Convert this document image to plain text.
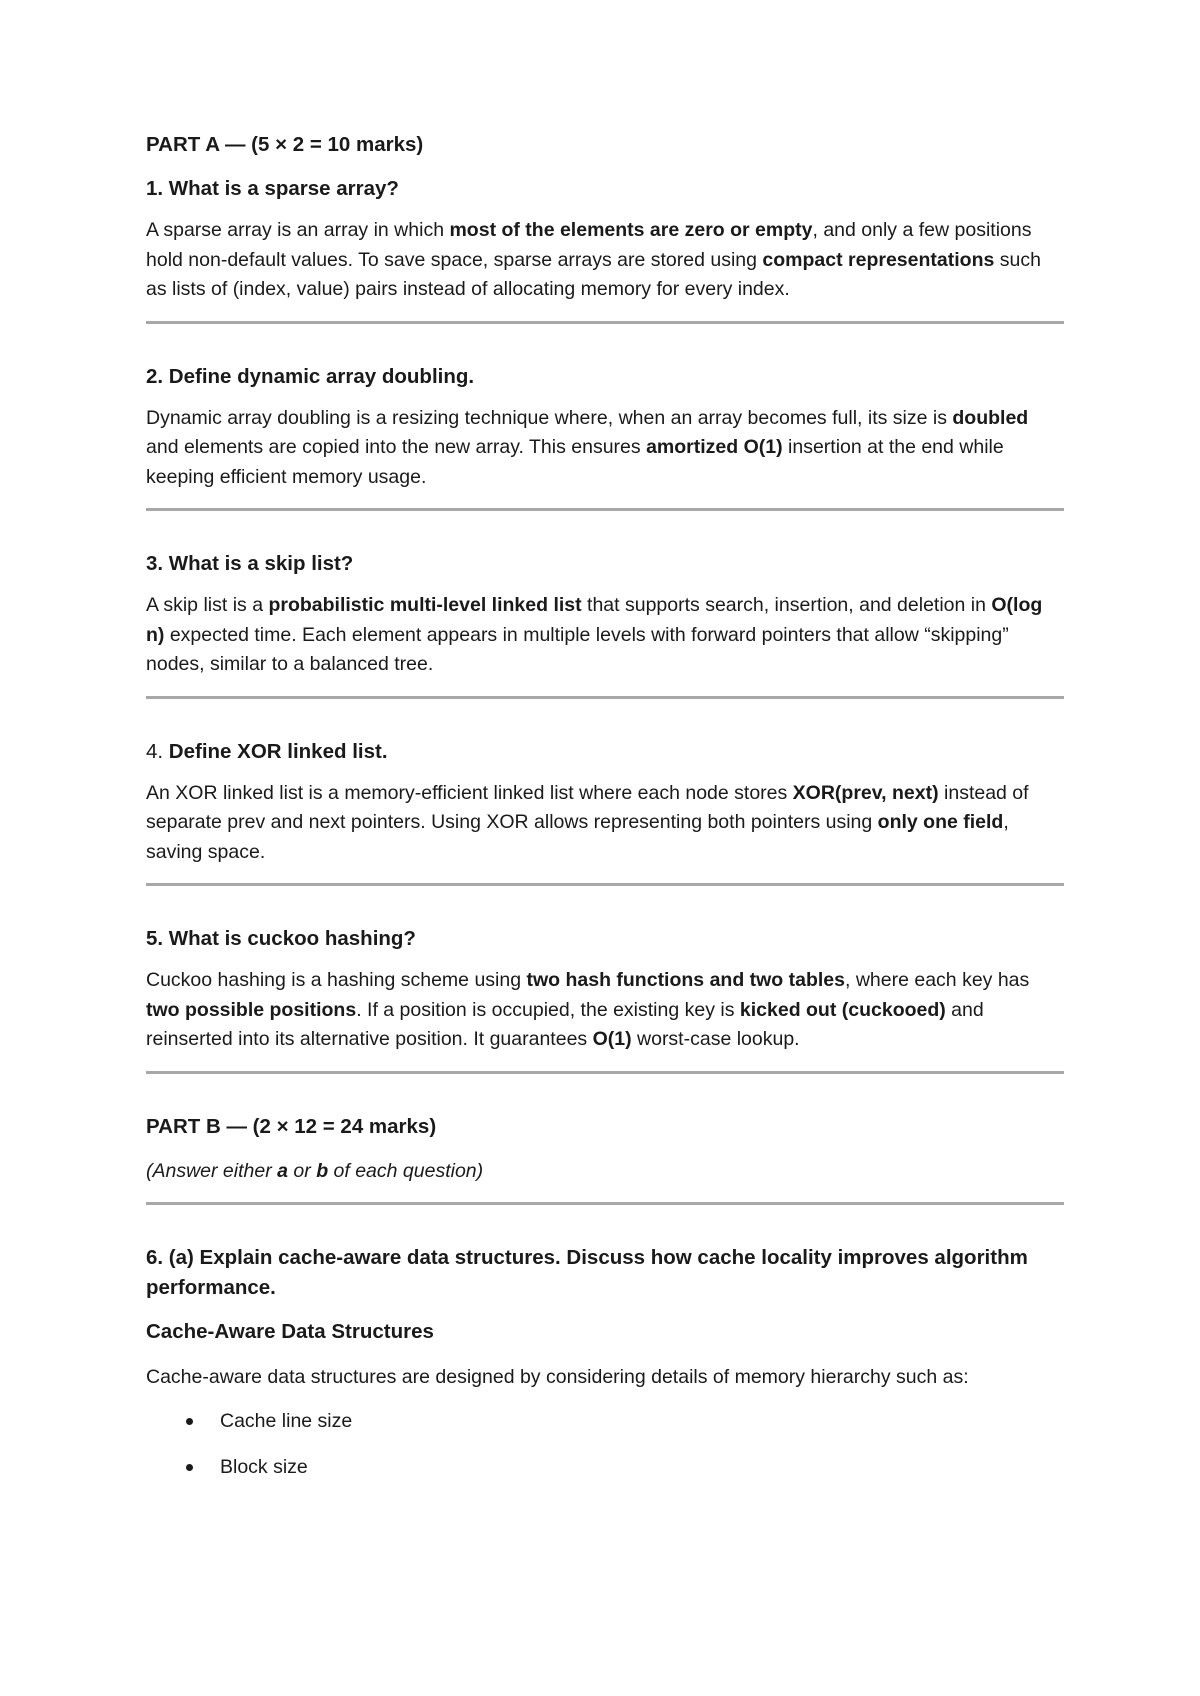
PART A — (5 × 2 = 10 marks)
1. What is a sparse array?
A sparse array is an array in which most of the elements are zero or empty, and only a few positions hold non-default values. To save space, sparse arrays are stored using compact representations such as lists of (index, value) pairs instead of allocating memory for every index.
2. Define dynamic array doubling.
Dynamic array doubling is a resizing technique where, when an array becomes full, its size is doubled and elements are copied into the new array. This ensures amortized O(1) insertion at the end while keeping efficient memory usage.
3. What is a skip list?
A skip list is a probabilistic multi-level linked list that supports search, insertion, and deletion in O(log n) expected time. Each element appears in multiple levels with forward pointers that allow “skipping” nodes, similar to a balanced tree.
4. Define XOR linked list.
An XOR linked list is a memory-efficient linked list where each node stores XOR(prev, next) instead of separate prev and next pointers. Using XOR allows representing both pointers using only one field, saving space.
5. What is cuckoo hashing?
Cuckoo hashing is a hashing scheme using two hash functions and two tables, where each key has two possible positions. If a position is occupied, the existing key is kicked out (cuckooed) and reinserted into its alternative position. It guarantees O(1) worst-case lookup.
PART B — (2 × 12 = 24 marks)
(Answer either a or b of each question)
6. (a) Explain cache-aware data structures. Discuss how cache locality improves algorithm performance.
Cache-Aware Data Structures
Cache-aware data structures are designed by considering details of memory hierarchy such as:
Cache line size
Block size
